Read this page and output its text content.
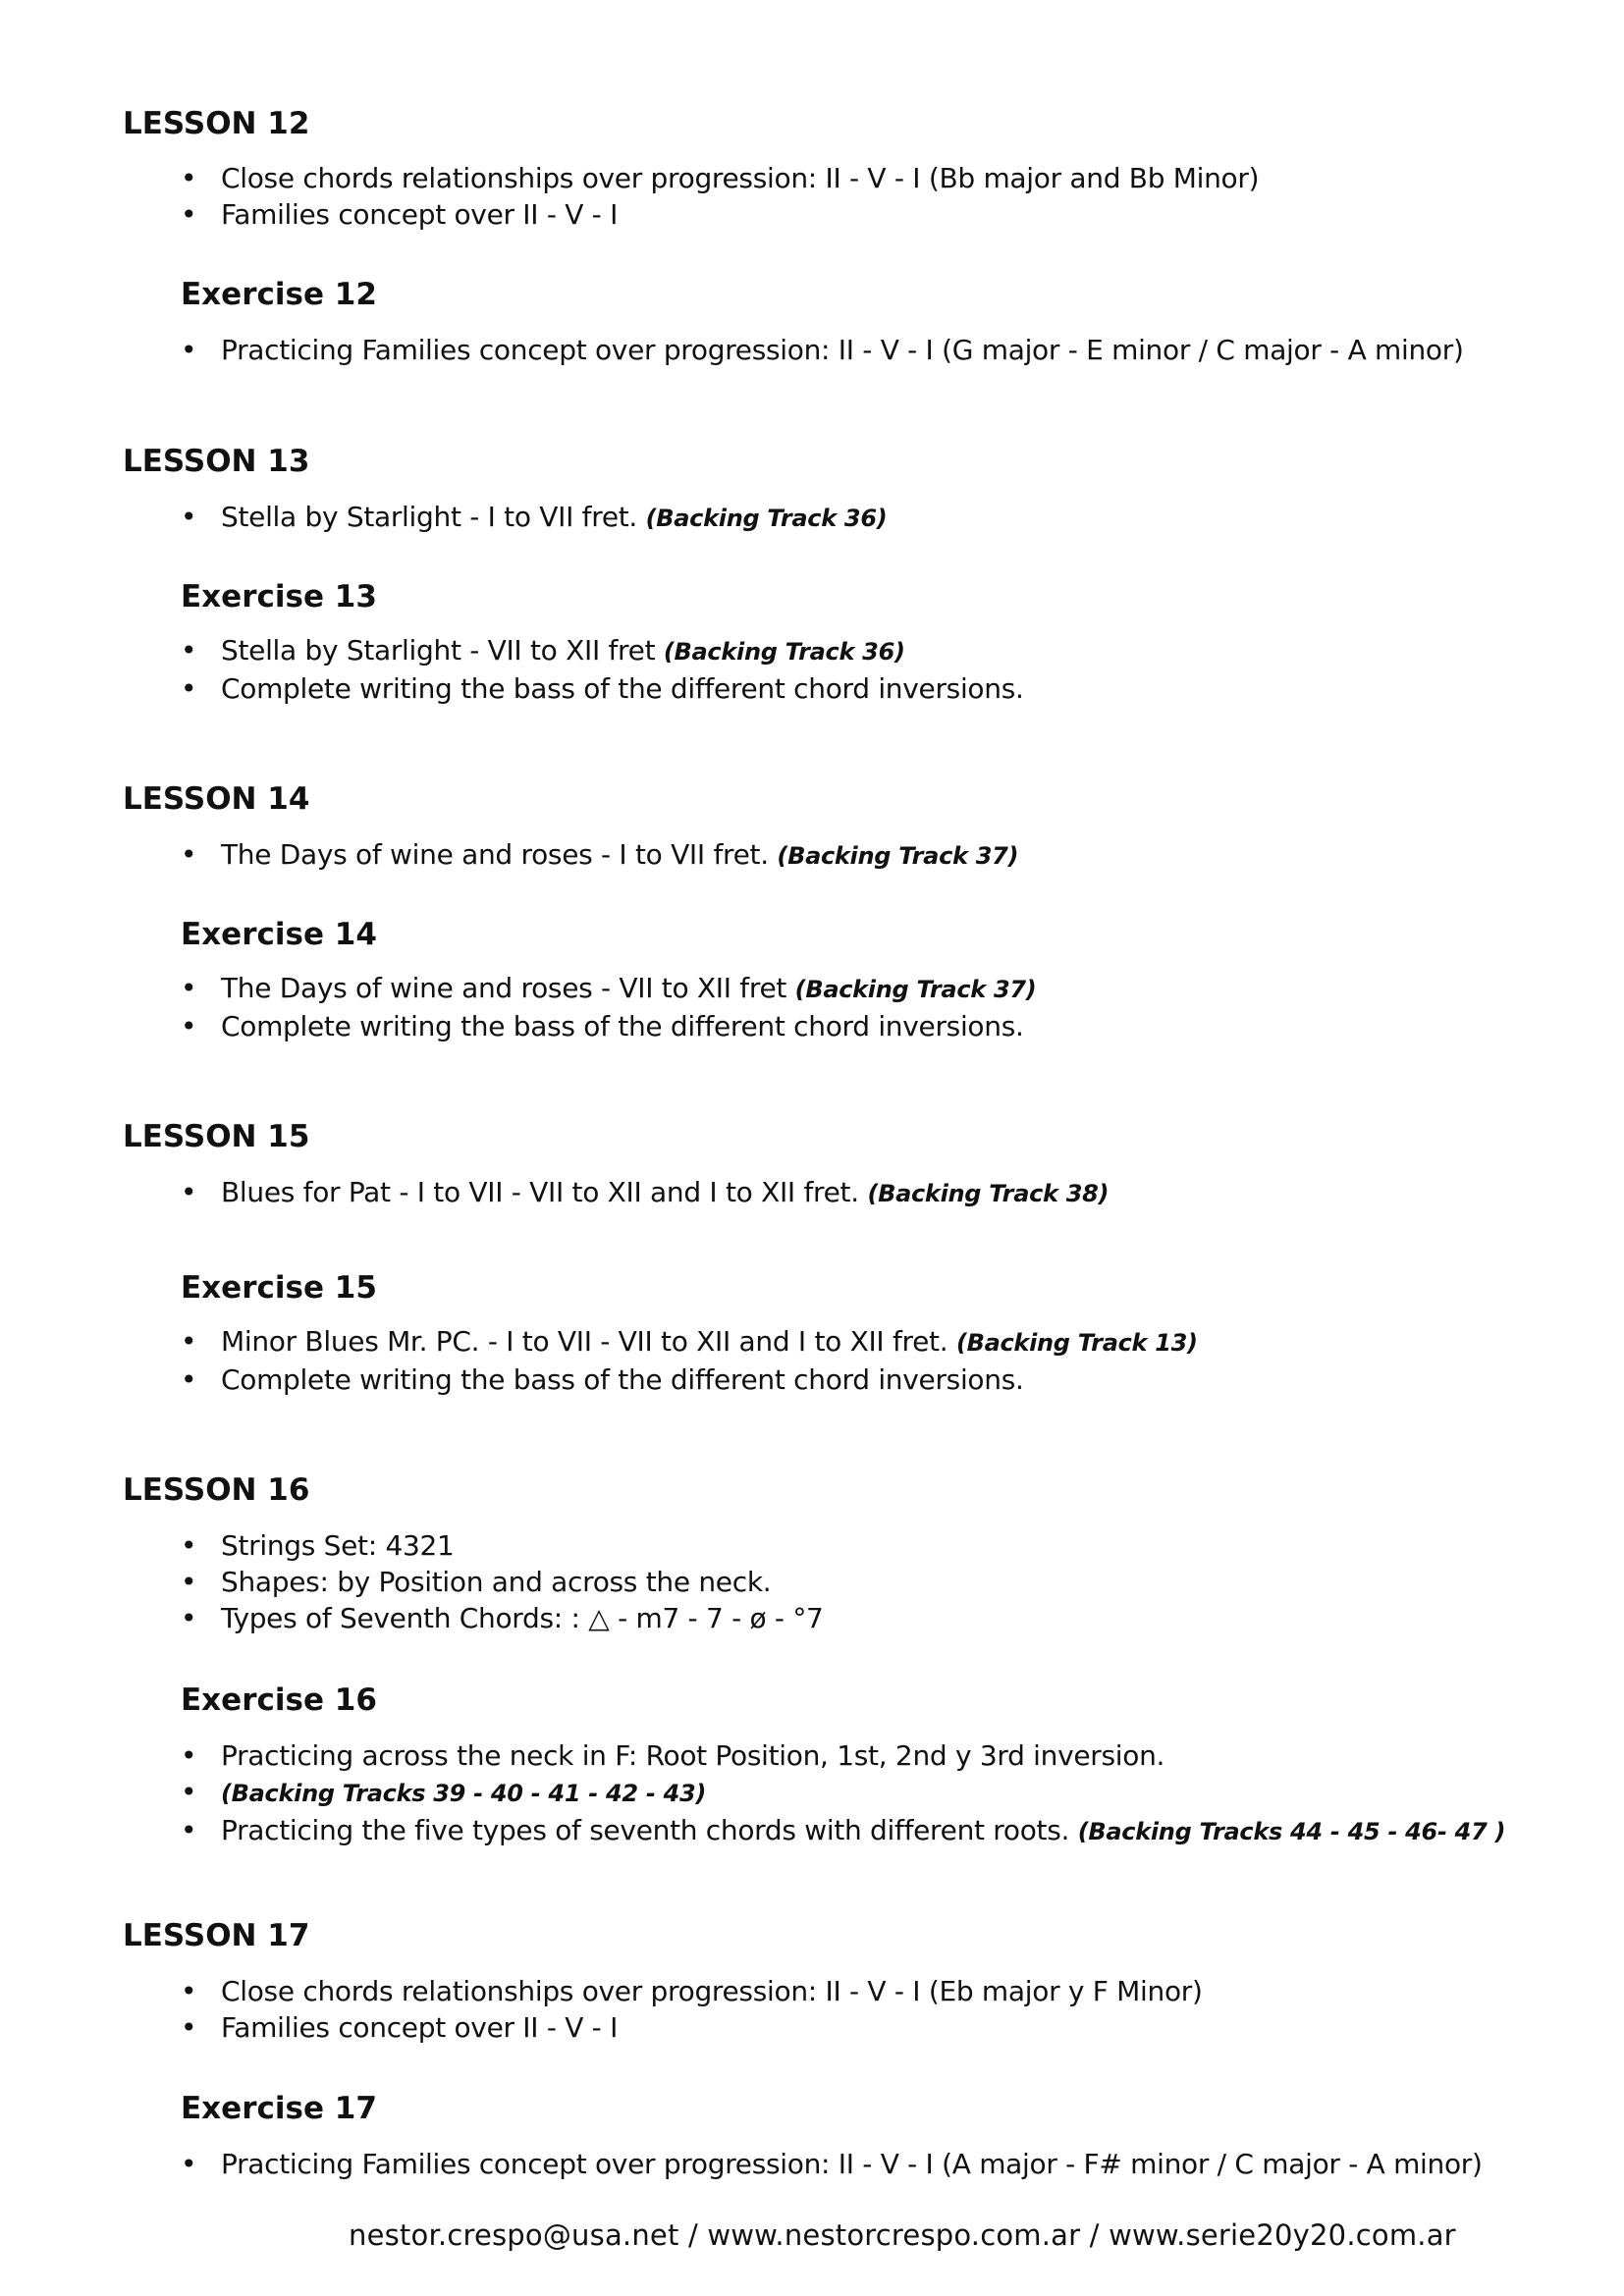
LESSON 12
• Close chords relationships over progression: II - V - I (Bb major and Bb Minor)
• Families concept over II - V - I
Exercise 12
• Practicing Families concept over progression: II - V - I (G major - E minor / C major - A minor)
LESSON 13
• Stella by Starlight - I to VII fret. (Backing Track 36)
Exercise 13
• Stella by Starlight - VII to XII fret (Backing Track 36)
• Complete writing the bass of the different chord inversions.
LESSON 14
• The Days of wine and roses - I to VII fret. (Backing Track 37)
Exercise 14
• The Days of wine and roses - VII to XII fret (Backing Track 37)
• Complete writing the bass of the different chord inversions.
LESSON 15
• Blues for Pat - I to VII - VII to XII and I to XII fret. (Backing Track 38)
Exercise 15
• Minor Blues Mr. PC. - I to VII - VII to XII and I to XII fret. (Backing Track 13)
• Complete writing the bass of the different chord inversions.
LESSON 16
• Strings Set: 4321
• Shapes: by Position and across the neck.
• Types of Seventh Chords: : △ - m7 - 7 - ø - °7
Exercise 16
• Practicing across the neck in F: Root Position, 1st, 2nd y 3rd inversion.
• (Backing Tracks 39 - 40 - 41 - 42 - 43)
• Practicing the five types of seventh chords with different roots. (Backing Tracks 44 - 45 - 46- 47 )
LESSON 17
• Close chords relationships over progression: II - V - I (Eb major y F Minor)
• Families concept over II - V - I
Exercise 17
• Practicing Families concept over progression: II - V - I (A major - F# minor / C major - A minor)
nestor.crespo@usa.net / www.nestorcrespo.com.ar / www.serie20y20.com.ar
